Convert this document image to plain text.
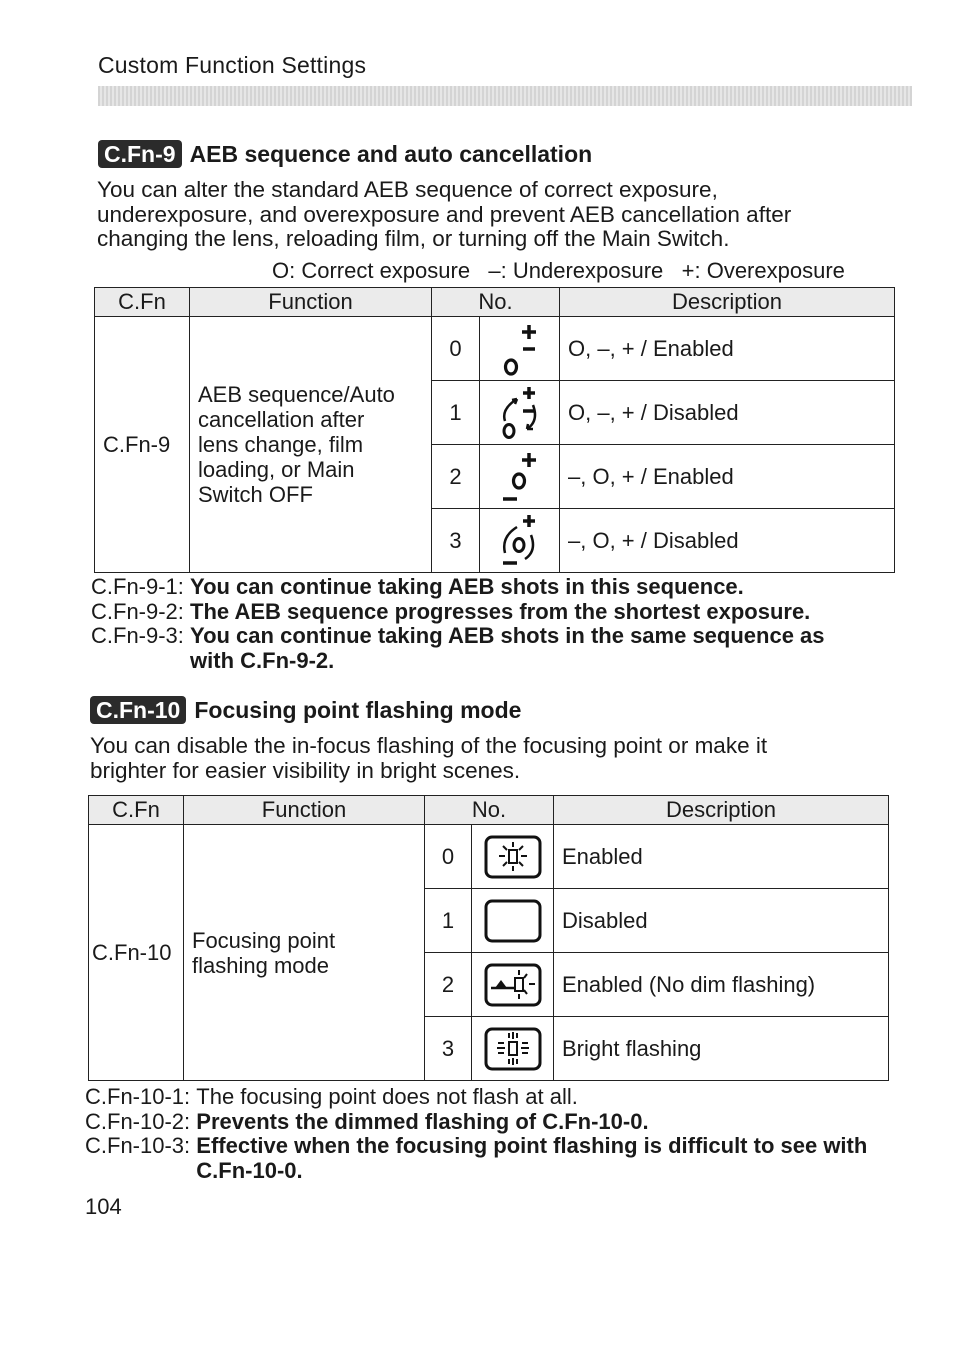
Custom Function Settings
C.Fn-9 AEB sequence and auto cancellation
You can alter the standard AEB sequence of correct exposure,
underexposure, and overexposure and prevent AEB cancellation after
changing the lens, reloading film, or turning off the Main Switch.
O: Correct exposure   –: Underexposure   +: Overexposure
C.Fn	Function	No.		Description
C.Fn-9	AEB sequence/Auto
cancellation after
lens change, film
loading, or Main
Switch OFF	0		O, –, + / Enabled
		1		O, –, + / Disabled
		2		–, O, + / Enabled
		3		–, O, + / Disabled
C.Fn-9-1: You can continue taking AEB shots in this sequence.
C.Fn-9-2: The AEB sequence progresses from the shortest exposure.
C.Fn-9-3: You can continue taking AEB shots in the same sequence as with C.Fn-9-2.
C.Fn-10 Focusing point flashing mode
You can disable the in-focus flashing of the focusing point or make it
brighter for easier visibility in bright scenes.
C.Fn	Function	No.		Description
C.Fn-10	Focusing point
flashing mode	0		Enabled
		1		Disabled
		2		Enabled (No dim flashing)
		3		Bright flashing
C.Fn-10-1: The focusing point does not flash at all.
C.Fn-10-2: Prevents the dimmed flashing of C.Fn-10-0.
C.Fn-10-3: Effective when the focusing point flashing is difficult to see with C.Fn-10-0.
104
